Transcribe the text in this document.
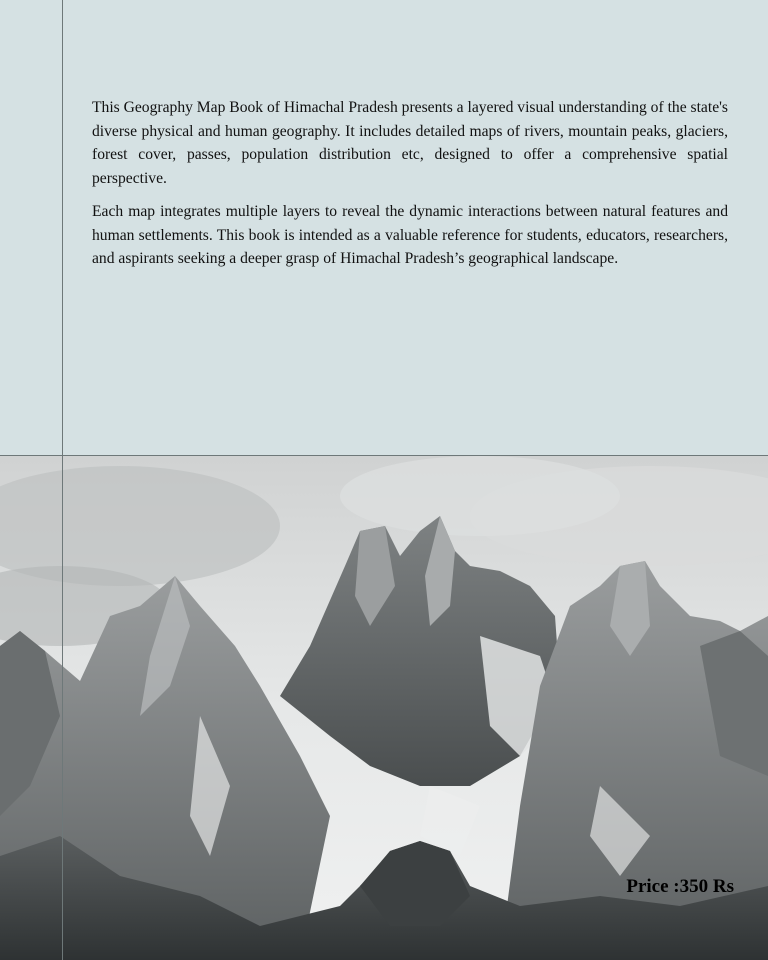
This Geography Map Book of Himachal Pradesh presents a layered visual understanding of the state's diverse physical and human geography. It includes detailed maps of rivers, mountain peaks, glaciers, forest cover, passes, population distribution etc, designed to offer a comprehensive spatial perspective.

Each map integrates multiple layers to reveal the dynamic interactions between natural features and human settlements. This book is intended as a valuable reference for students, educators, researchers, and aspirants seeking a deeper grasp of Himachal Pradesh’s geographical landscape.

Price :350 Rs
